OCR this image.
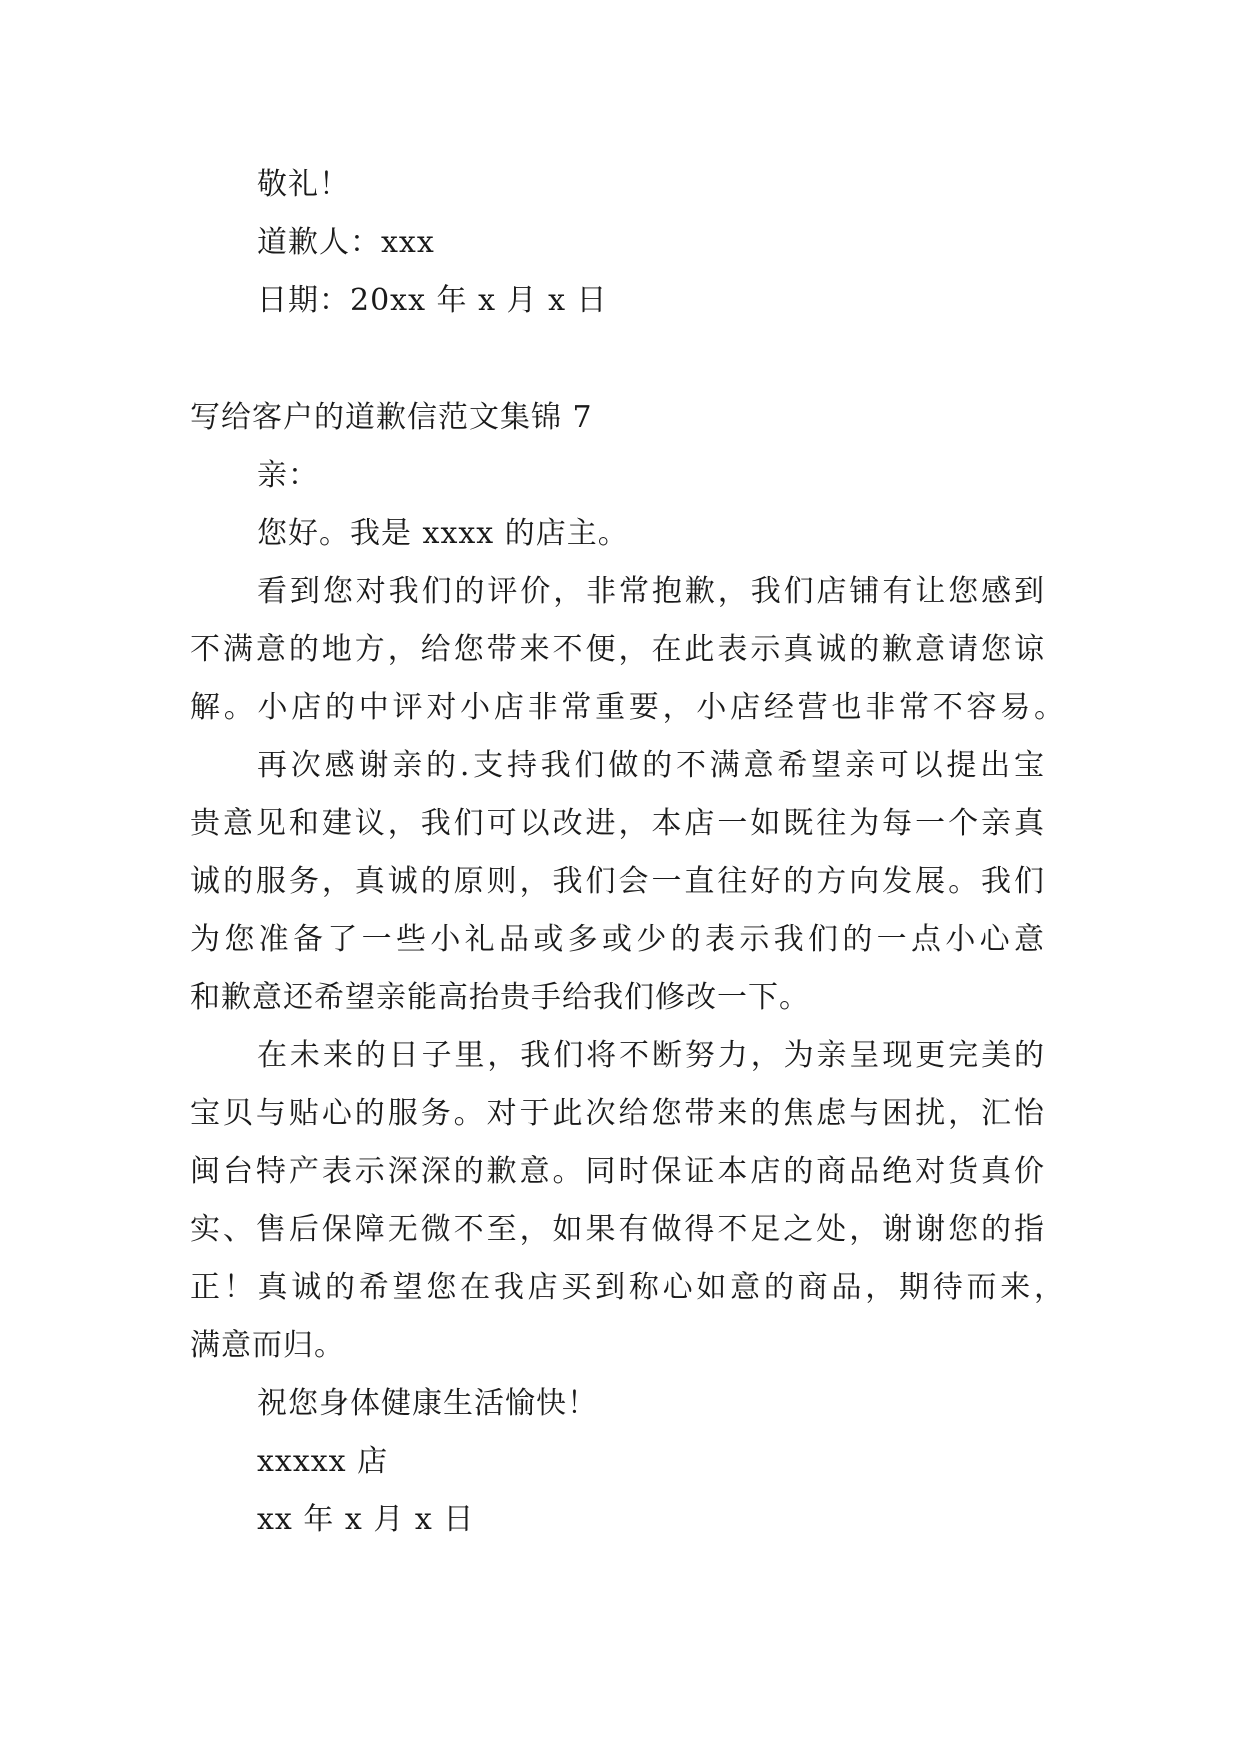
敬礼！
道歉人：xxx
日期：20xx 年 x 月 x 日
写给客户的道歉信范文集锦 7
亲：
您好。我是 xxxx 的店主。
看到您对我们的评价，非常抱歉，我们店铺有让您感到
不满意的地方，给您带来不便，在此表示真诚的歉意请您谅
解。小店的中评对小店非常重要，小店经营也非常不容易。
再次感谢亲的.支持我们做的不满意希望亲可以提出宝
贵意见和建议，我们可以改进，本店一如既往为每一个亲真
诚的服务，真诚的原则，我们会一直往好的方向发展。我们
为您准备了一些小礼品或多或少的表示我们的一点小心意
和歉意还希望亲能高抬贵手给我们修改一下。
在未来的日子里，我们将不断努力，为亲呈现更完美的
宝贝与贴心的服务。对于此次给您带来的焦虑与困扰，汇怡
闽台特产表示深深的歉意。同时保证本店的商品绝对货真价
实、售后保障无微不至，如果有做得不足之处，谢谢您的指
正！真诚的希望您在我店买到称心如意的商品，期待而来，
满意而归。
祝您身体健康生活愉快！
xxxxx 店
xx 年 x 月 x 日
